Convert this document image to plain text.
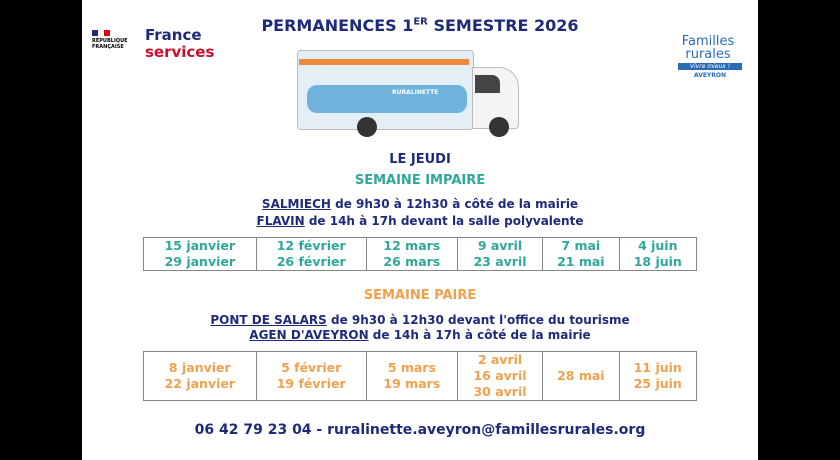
RÉPUBLIQUE FRANÇAISE
France
services
Familles rurales
Vivre mieux !
AVEYRON
PERMANENCES 1ER SEMESTRE 2026
RURALINETTE
LE JEUDI
SEMAINE IMPAIRE
SALMIECH de 9h30 à 12h30 à côté de la mairie
FLAVIN de 14h à 17h devant la salle polyvalente
15 janvier
29 janvier

12 février
26 février

12 mars
26 mars

9 avril
23 avril

7 mai
21 mai

4 juin
18 juin
SEMAINE PAIRE
PONT DE SALARS de 9h30 à 12h30 devant l'office du tourisme
AGEN D'AVEYRON de 14h à 17h à côté de la mairie
8 janvier
22 janvier

5 février
19 février

5 mars
19 mars

2 avril
16 avril
30 avril

28 mai

11 juin
25 juin
06 42 79 23 04 - ruralinette.aveyron@famillesrurales.org
